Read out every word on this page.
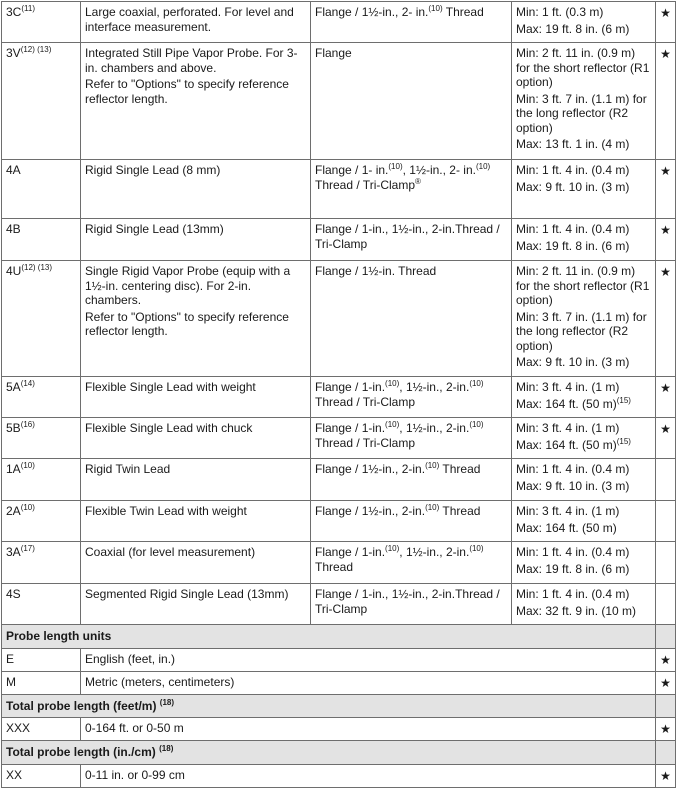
$3C^{(11)}$	Large coaxial, perforated. For level and interface measurement.	Flange / 1½-in., 2- in.$^{(10)}$ Thread	Min: 1 ft. (0.3 m)
Max: 19 ft. 8 in. (6 m)	★
$3V^{(12) (13)}$	Integrated Still Pipe Vapor Probe. For 3-in. chambers and above.
Refer to "Options" to specify reference reflector length.	Flange	Min: 2 ft. 11 in. (0.9 m) for the short reflector (R1 option)
Min: 3 ft. 7 in. (1.1 m) for the long reflector (R2 option)
Max: 13 ft. 1 in. (4 m)	★
4A	Rigid Single Lead (8 mm)	Flange / 1- in.$^{(10)}$, 1½-in., 2- in.$^{(10)}$ Thread / Tri-Clamp®	Min: 1 ft. 4 in. (0.4 m)
Max: 9 ft. 10 in. (3 m)	★
4B	Rigid Single Lead (13mm)	Flange / 1-in., 1½-in., 2-in.Thread / Tri-Clamp	Min: 1 ft. 4 in. (0.4 m)
Max: 19 ft. 8 in. (6 m)	★
$4U^{(12) (13)}$	Single Rigid Vapor Probe (equip with a 1½-in. centering disc). For 2-in. chambers.
Refer to "Options" to specify reference reflector length.	Flange / 1½-in. Thread	Min: 2 ft. 11 in. (0.9 m) for the short reflector (R1 option)
Min: 3 ft. 7 in. (1.1 m) for the long reflector (R2 option)
Max: 9 ft. 10 in. (3 m)	★
$5A^{(14)}$	Flexible Single Lead with weight	Flange / 1-in.$^{(10)}$, 1½-in., 2-in.$^{(10)}$ Thread / Tri-Clamp	Min: 3 ft. 4 in. (1 m)
Max: 164 ft. (50 m)$^{(15)}$	★
$5B^{(16)}$	Flexible Single Lead with chuck	Flange / 1-in.$^{(10)}$, 1½-in., 2-in.$^{(10)}$ Thread / Tri-Clamp	Min: 3 ft. 4 in. (1 m)
Max: 164 ft. (50 m)$^{(15)}$	★
$1A^{(10)}$	Rigid Twin Lead	Flange / 1½-in., 2-in.$^{(10)}$ Thread	Min: 1 ft. 4 in. (0.4 m)
Max: 9 ft. 10 in. (3 m)	

$2A^{(10)}$	Flexible Twin Lead with weight	Flange / 1½-in., 2-in.$^{(10)}$ Thread	Min: 3 ft. 4 in. (1 m)
Max: 164 ft. (50 m)	

$3A^{(17)}$	Coaxial (for level measurement)	Flange / 1-in.$^{(10)}$, 1½-in., 2-in.$^{(10)}$ Thread	Min: 1 ft. 4 in. (0.4 m)
Max: 19 ft. 8 in. (6 m)	

4S	Segmented Rigid Single Lead (13mm)	Flange / 1-in., 1½-in., 2-in.Thread / Tri-Clamp	Min: 1 ft. 4 in. (0.4 m)
Max: 32 ft. 9 in. (10 m)	

Probe length units				
E	English (feet, in.)			★
M	Metric (meters, centimeters)			★
Total probe length (feet/m) $^{(18)}$	
XXX	0-164 ft. or 0-50 m			★
Total probe length (in./cm) $^{(18)}$	
XX	0-11 in. or 0-99 cm			★
